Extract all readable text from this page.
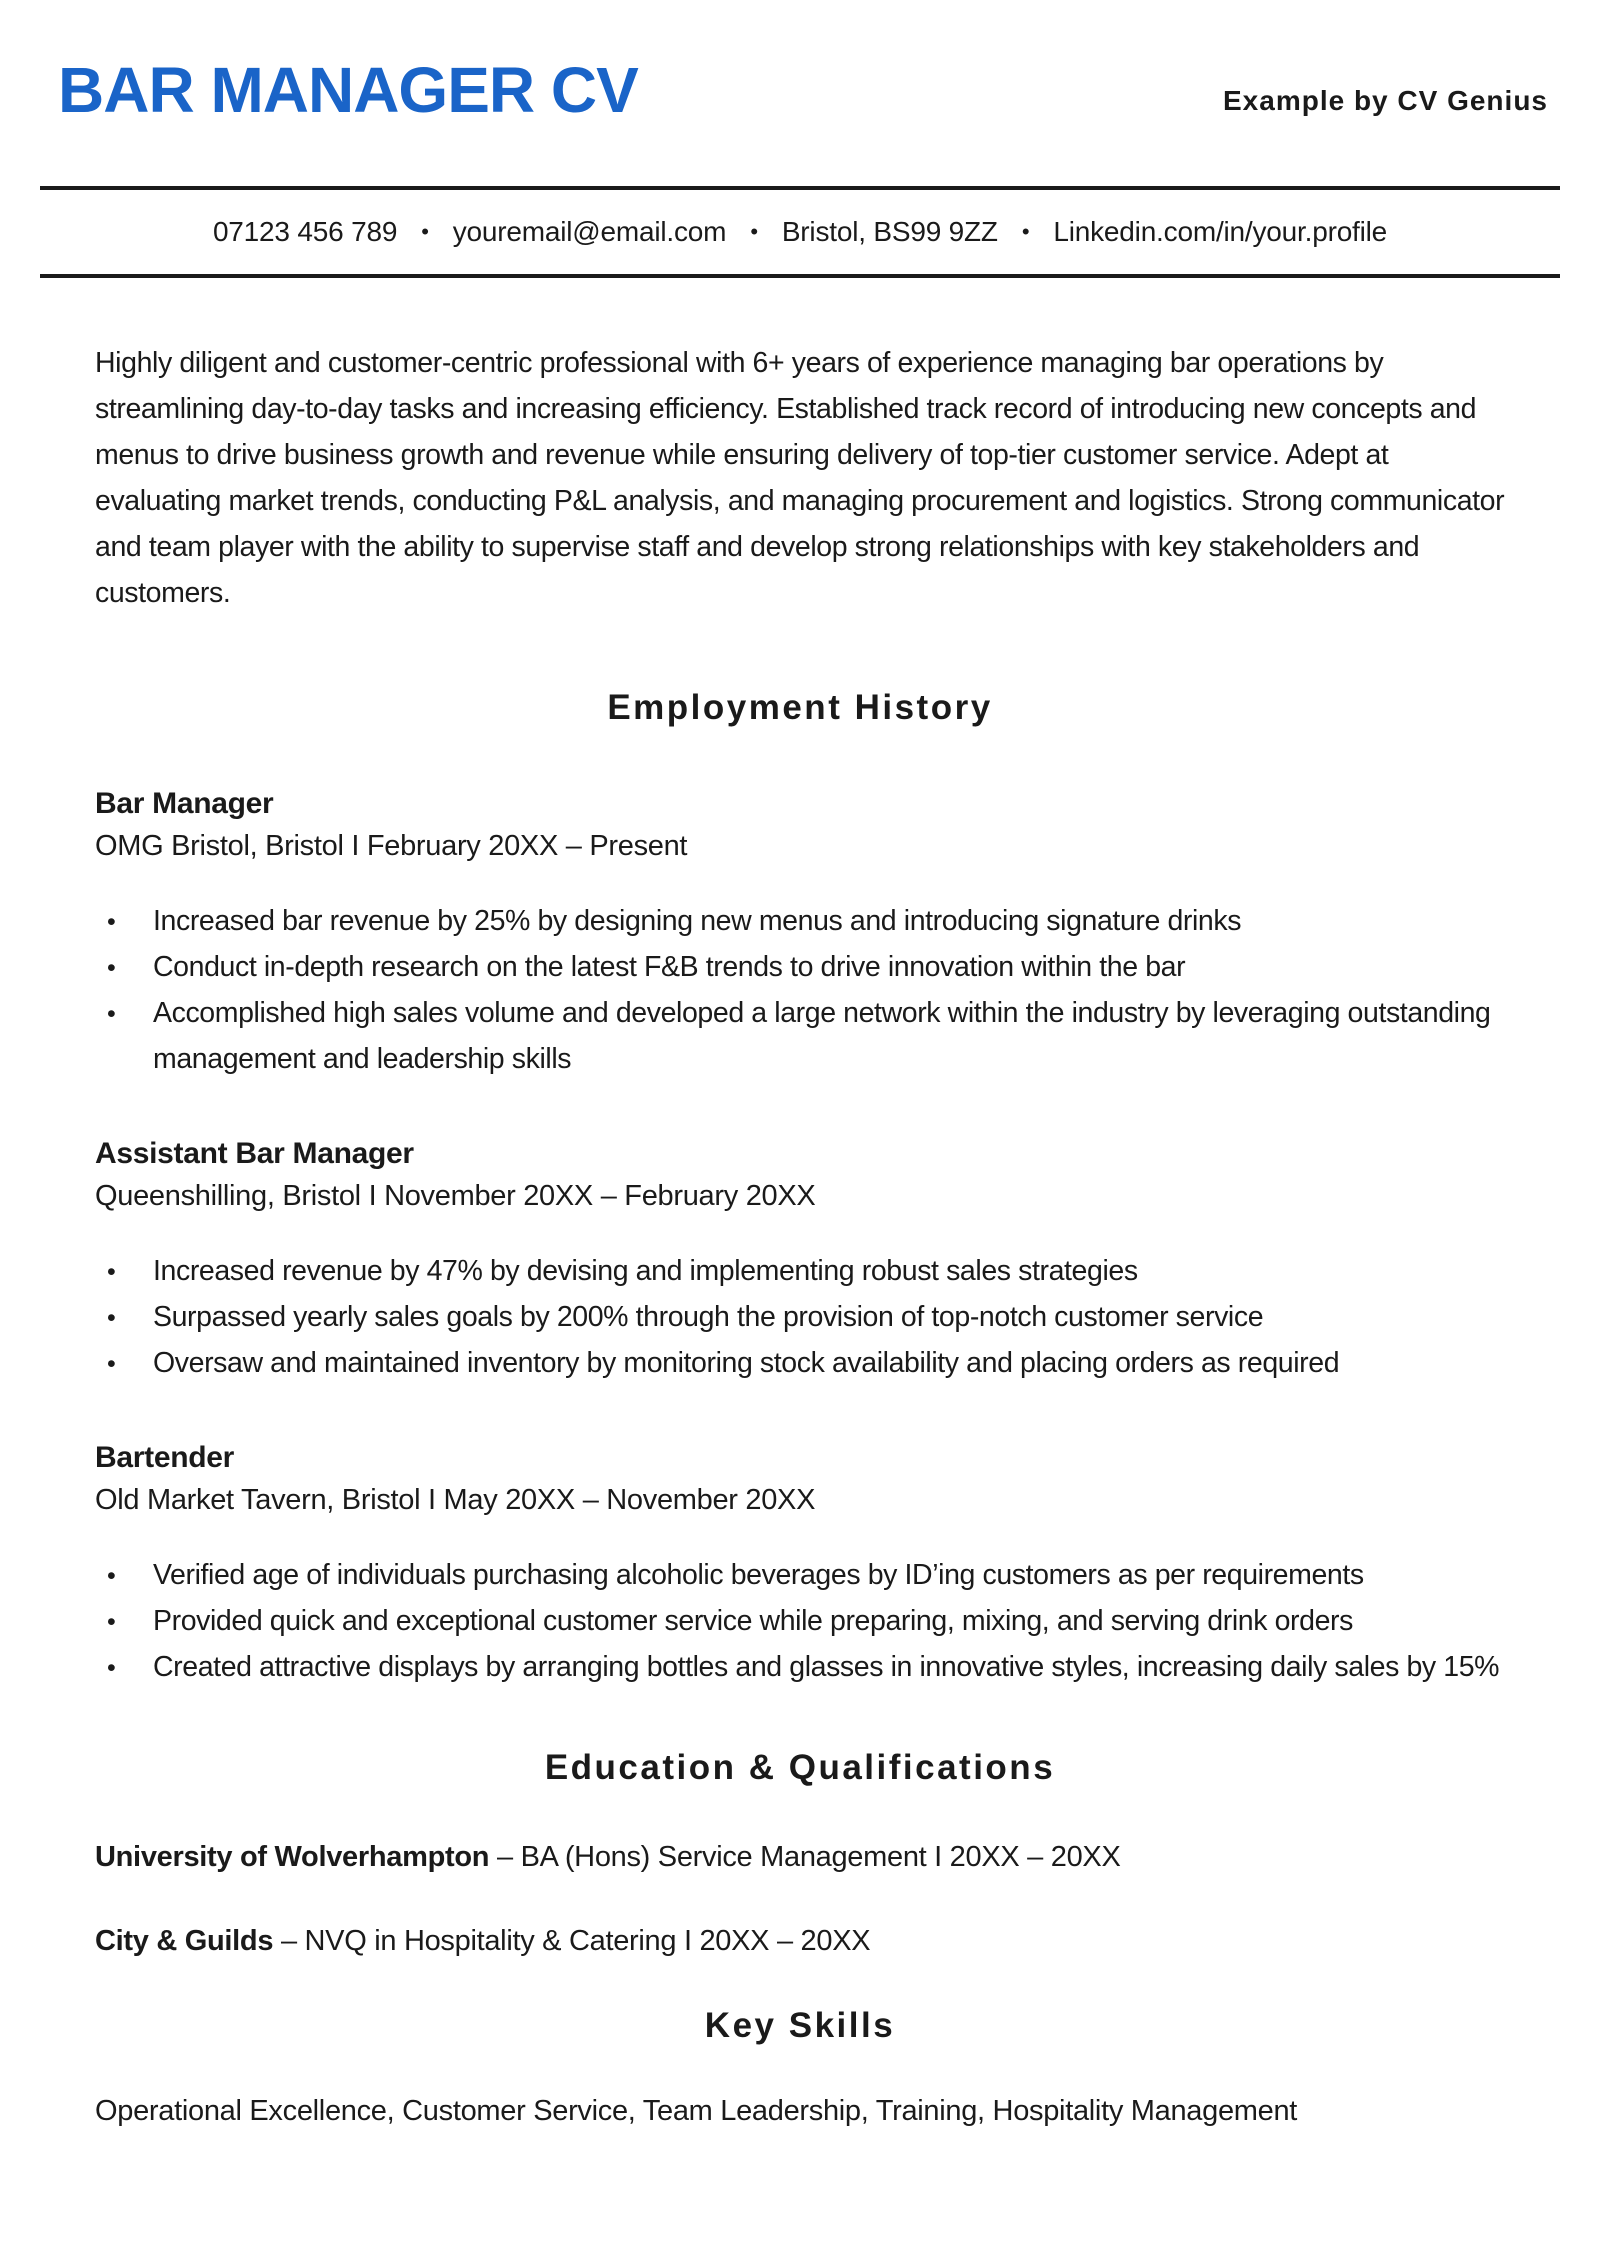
BAR MANAGER CV	Example by CV Genius
07123 456 789 • youremail@email.com • Bristol, BS99 9ZZ • Linkedin.com/in/your.profile

Highly diligent and customer-centric professional with 6+ years of experience managing bar operations by streamlining day-to-day tasks and increasing efficiency. Established track record of introducing new concepts and menus to drive business growth and revenue while ensuring delivery of top-tier customer service. Adept at evaluating market trends, conducting P&L analysis, and managing procurement and logistics. Strong communicator and team player with the ability to supervise staff and develop strong relationships with key stakeholders and customers.

Employment History
Bar Manager
OMG Bristol, Bristol I February 20XX – Present
• Increased bar revenue by 25% by designing new menus and introducing signature drinks
• Conduct in-depth research on the latest F&B trends to drive innovation within the bar
• Accomplished high sales volume and developed a large network within the industry by leveraging outstanding management and leadership skills
Assistant Bar Manager
Queenshilling, Bristol I November 20XX – February 20XX
• Increased revenue by 47% by devising and implementing robust sales strategies
• Surpassed yearly sales goals by 200% through the provision of top-notch customer service
• Oversaw and maintained inventory by monitoring stock availability and placing orders as required
Bartender
Old Market Tavern, Bristol I May 20XX – November 20XX
• Verified age of individuals purchasing alcoholic beverages by ID’ing customers as per requirements
• Provided quick and exceptional customer service while preparing, mixing, and serving drink orders
• Created attractive displays by arranging bottles and glasses in innovative styles, increasing daily sales by 15%
Education & Qualifications

University of Wolverhampton – BA (Hons) Service Management I 20XX – 20XX

City & Guilds – NVQ in Hospitality & Catering I 20XX – 20XX

Key Skills

Operational Excellence, Customer Service, Team Leadership, Training, Hospitality Management
